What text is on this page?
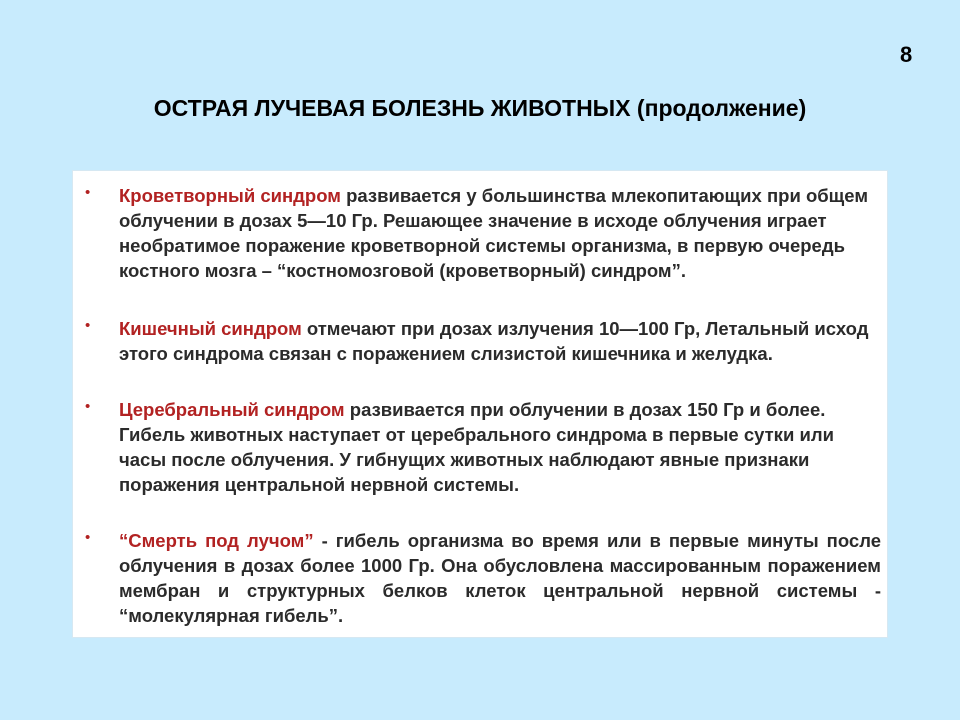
8
ОСТРАЯ ЛУЧЕВАЯ БОЛЕЗНЬ ЖИВОТНЫХ (продолжение)
• Кроветворный синдром развивается у большинства млекопитающих при общем облучении в дозах 5—10 Гр. Решающее значение в исходе облучения играет необратимое поражение кроветворной системы организма, в первую очередь костного мозга – “костномозговой (кроветворный) синдром”.

• Кишечный синдром отмечают при дозах излучения 10—100 Гр, Летальный исход этого синдрома связан с поражением слизистой кишечника и желудка.

• Церебральный синдром развивается при облучении в дозах 150 Гр и более. Гибель животных наступает от церебрального синдрома в первые сутки или часы после облучения. У гибнущих животных наблюдают явные признаки поражения центральной нервной системы.

• “Смерть под лучом” - гибель организма во время или в первые минуты после облучения в дозах более 1000 Гр. Она обусловлена массированным поражением мембран и структурных белков клеток центральной нервной системы - “молекулярная гибель”.
